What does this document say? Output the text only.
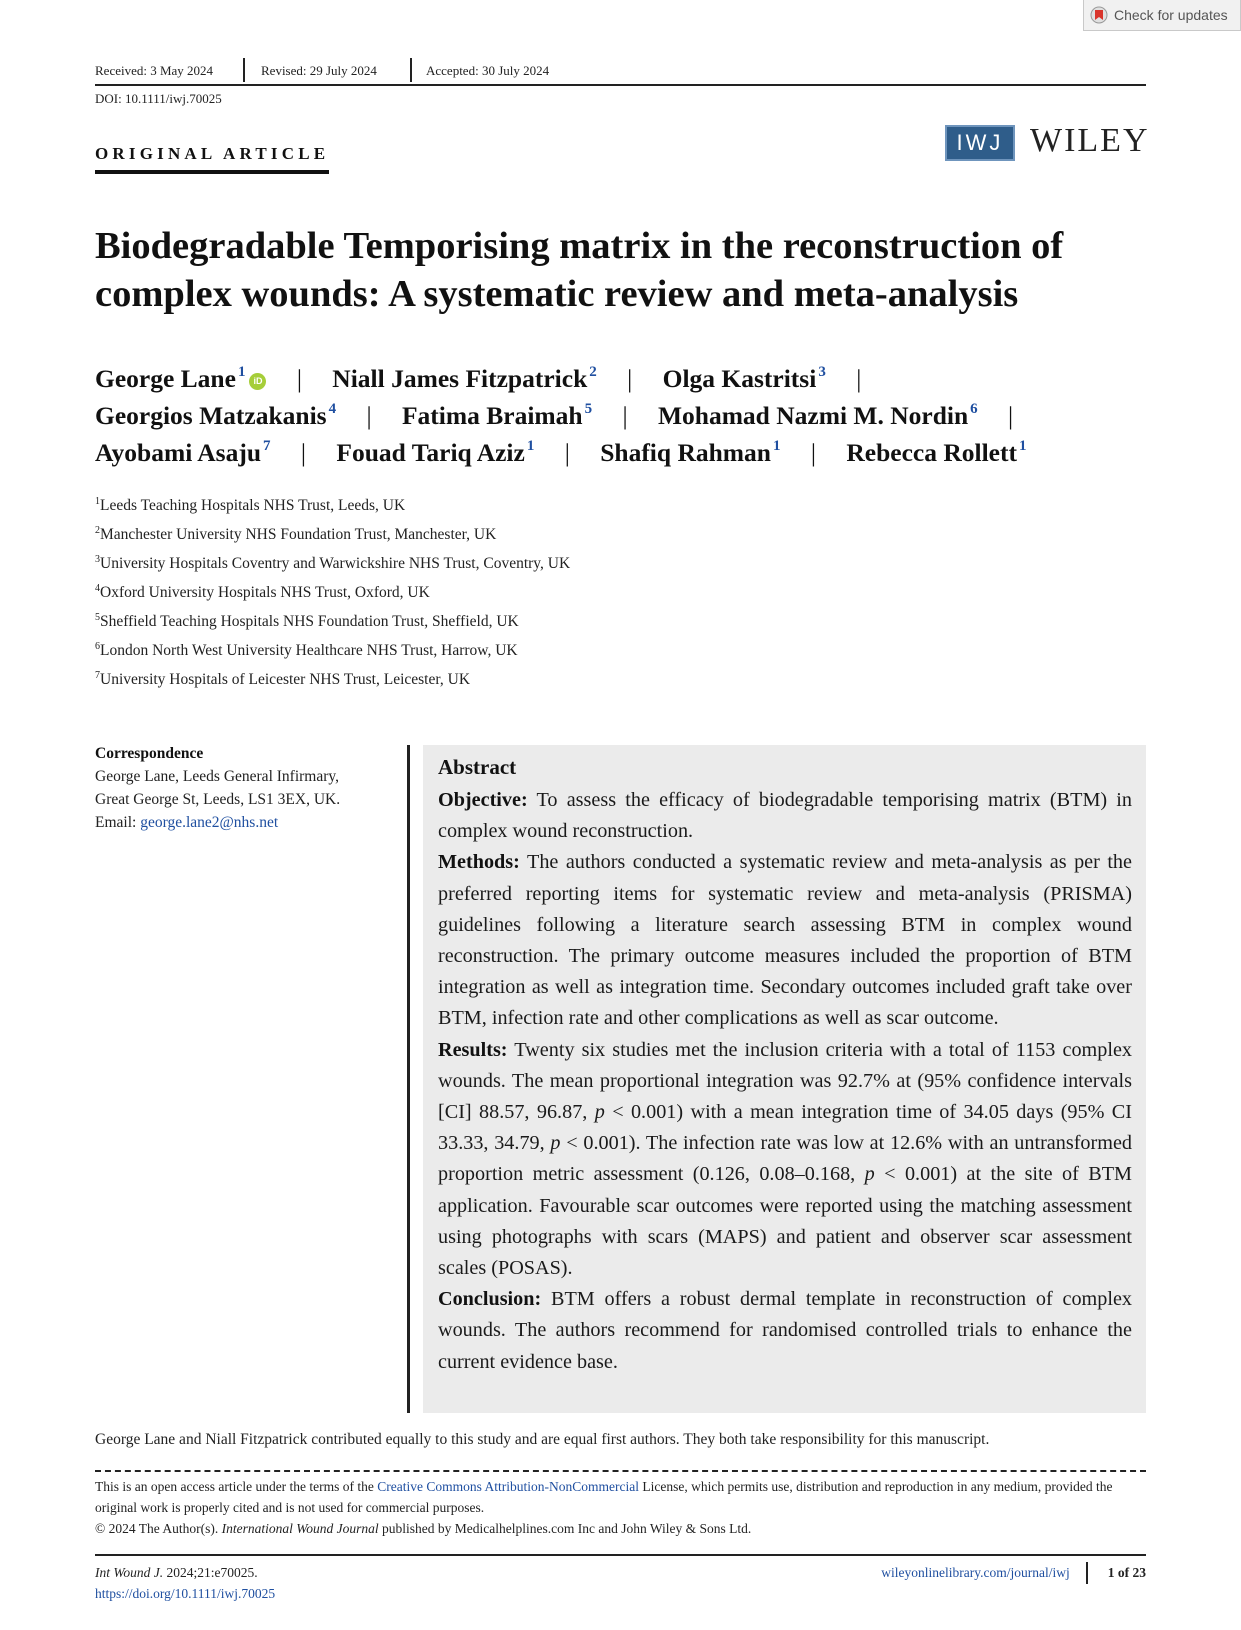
Check for updates
Received: 3 May 2024	Revised: 29 July 2024	Accepted: 30 July 2024
DOI: 10.1111/iwj.70025
ORIGINAL ARTICLE	IWJ WILEY
Biodegradable Temporising matrix in the reconstruction of
complex wounds: A systematic review and meta-analysis
George Lane $^1$iD | Niall James Fitzpatrick $^2$ | Olga Kastritsi $^3$ |
Georgios Matzakanis $^4$ | Fatima Braimah $^5$ | Mohamad Nazmi M. Nordin $^6$ |
Ayobami Asaju $^7$ | Fouad Tariq Aziz $^1$ | Shafiq Rahman $^1$ | Rebecca Rollett $^1$
$^1$Leeds Teaching Hospitals NHS Trust, Leeds, UK
$^2$Manchester University NHS Foundation Trust, Manchester, UK
$^3$University Hospitals Coventry and Warwickshire NHS Trust, Coventry, UK
$^4$Oxford University Hospitals NHS Trust, Oxford, UK
$^5$Sheffield Teaching Hospitals NHS Foundation Trust, Sheffield, UK
$^6$London North West University Healthcare NHS Trust, Harrow, UK
$^7$University Hospitals of Leicester NHS Trust, Leicester, UK
Correspondence
George Lane, Leeds General Infirmary,
Great George St, Leeds, LS1 3EX, UK.
Email: george.lane2@nhs.net
Abstract

Objective: To assess the efficacy of biodegradable temporising matrix (BTM) in complex wound reconstruction.

Methods: The authors conducted a systematic review and meta-analysis as per the preferred reporting items for systematic review and meta-analysis (PRISMA) guidelines following a literature search assessing BTM in complex wound reconstruction. The primary outcome measures included the proportion of BTM integration as well as integration time. Secondary outcomes included graft take over BTM, infection rate and other complications as well as scar outcome.

Results: Twenty six studies met the inclusion criteria with a total of 1153 complex wounds. The mean proportional integration was 92.7% at (95% confidence intervals [CI] 88.57, 96.87, p < 0.001) with a mean integration time of 34.05 days (95% CI 33.33, 34.79, p < 0.001). The infection rate was low at 12.6% with an untransformed proportion metric assessment (0.126, 0.08–0.168, p < 0.001) at the site of BTM application. Favourable scar outcomes were reported using the matching assessment using photographs with scars (MAPS) and patient and observer scar assessment scales (POSAS).

Conclusion: BTM offers a robust dermal template in reconstruction of complex wounds. The authors recommend for randomised controlled trials to enhance the current evidence base.

George Lane and Niall Fitzpatrick contributed equally to this study and are equal first authors. They both take responsibility for this manuscript.
This is an open access article under the terms of the Creative Commons Attribution-NonCommercial License, which permits use, distribution and reproduction in any medium, provided the original work is properly cited and is not used for commercial purposes.
© 2024 The Author(s). International Wound Journal published by Medicalhelplines.com Inc and John Wiley & Sons Ltd.
Int Wound J. 2024;21:e70025.
https://doi.org/10.1111/iwj.70025
wileyonlinelibrary.com/journal/iwj	1 of 23
